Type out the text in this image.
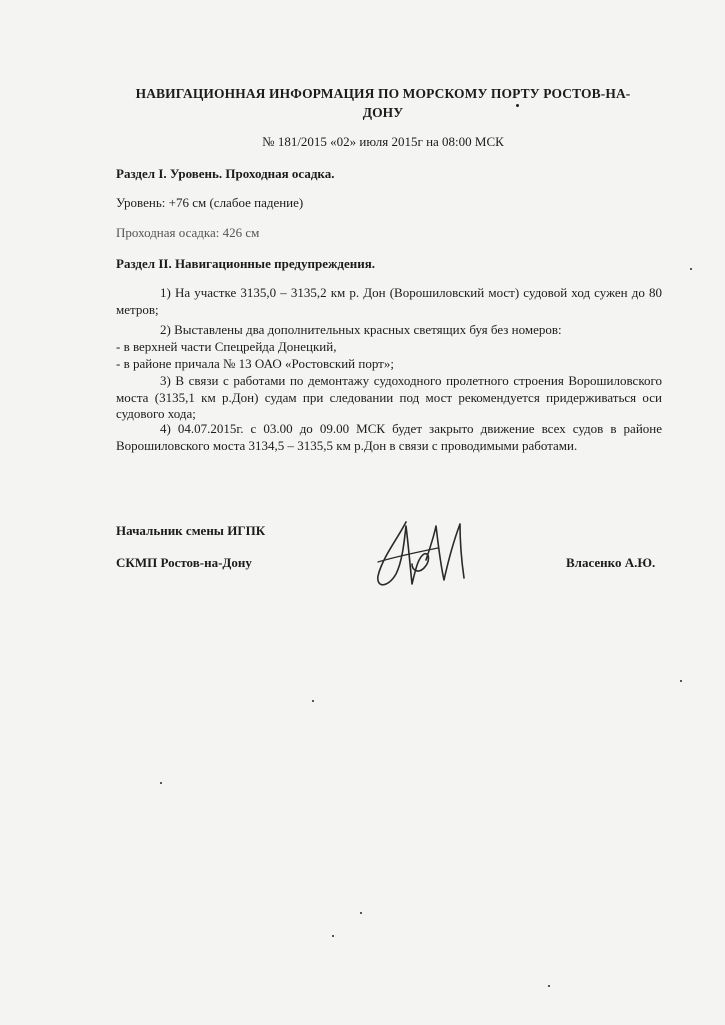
НАВИГАЦИОННАЯ ИНФОРМАЦИЯ ПО МОРСКОМУ ПОРТУ РОСТОВ-НА-ДОНУ
№ 181/2015 «02» июля 2015г на 08:00 МСК
Раздел I. Уровень. Проходная осадка.
Уровень: +76 см (слабое падение)
Проходная осадка: 426 см
Раздел II. Навигационные предупреждения.
1) На участке 3135,0 – 3135,2 км р. Дон (Ворошиловский мост) судовой ход сужен до 80 метров;
2) Выставлены два дополнительных красных светящих буя без номеров:
- в верхней части Спецрейда Донецкий,
- в районе причала № 13 ОАО «Ростовский порт»;
3) В связи с работами по демонтажу судоходного пролетного строения Ворошиловского моста (3135,1 км р.Дон) судам при следовании под мост рекомендуется придерживаться оси судового хода;
4) 04.07.2015г. с 03.00 до 09.00 МСК будет закрыто движение всех судов в районе Ворошиловского моста 3134,5 – 3135,5 км р.Дон в связи с проводимыми работами.
Начальник смены ИГПК
СКМП Ростов-на-Дону	Власенко А.Ю.
